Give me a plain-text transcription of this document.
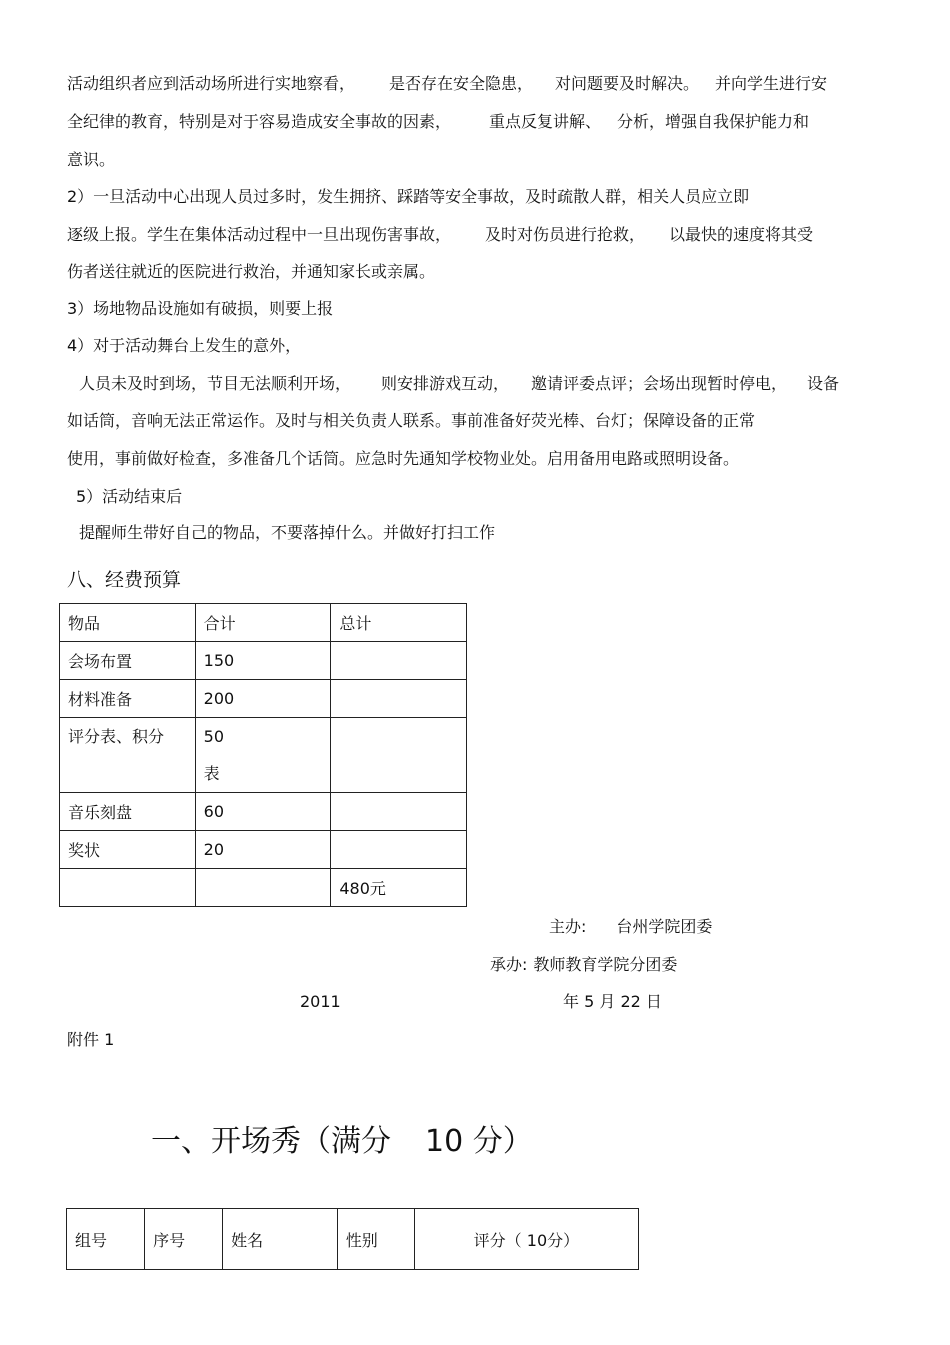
活动组织者应到活动场所进行实地察看， 是否存在安全隐患， 对问题要及时解决。 并向学生进行安
全纪律的教育，特别是对于容易造成安全事故的因素， 重点反复讲解、 分析，增强自我保护能力和
意识。
2）一旦活动中心出现人员过多时，发生拥挤、踩踏等安全事故，及时疏散人群，相关人员应立即
逐级上报。学生在集体活动过程中一旦出现伤害事故， 及时对伤员进行抢救， 以最快的速度将其受
伤者送往就近的医院进行救治，并通知家长或亲属。
3）场地物品设施如有破损，则要上报
4）对于活动舞台上发生的意外，
人员未及时到场，节目无法顺利开场， 则安排游戏互动， 邀请评委点评；会场出现暂时停电， 设备
如话筒，音响无法正常运作。及时与相关负责人联系。事前准备好荧光棒、台灯；保障设备的正常
使用，事前做好检查，多准备几个话筒。应急时先通知学校物业处。启用备用电路或照明设备。
5）活动结束后
提醒师生带好自己的物品，不要落掉什么。并做好打扫工作
八、经费预算
物品	合计	总计
会场布置	150	
材料准备	200	
评分表、积分	50
表	

音乐刻盘	60	
奖状	20	
		480元
主办: 台州学院团委
承办: 教师教育学院分团委
2011	年 5 月 22 日
附件 1
一、开场秀（满分 10 分）
组号	序号	姓名	性别	评分（ 10分）
